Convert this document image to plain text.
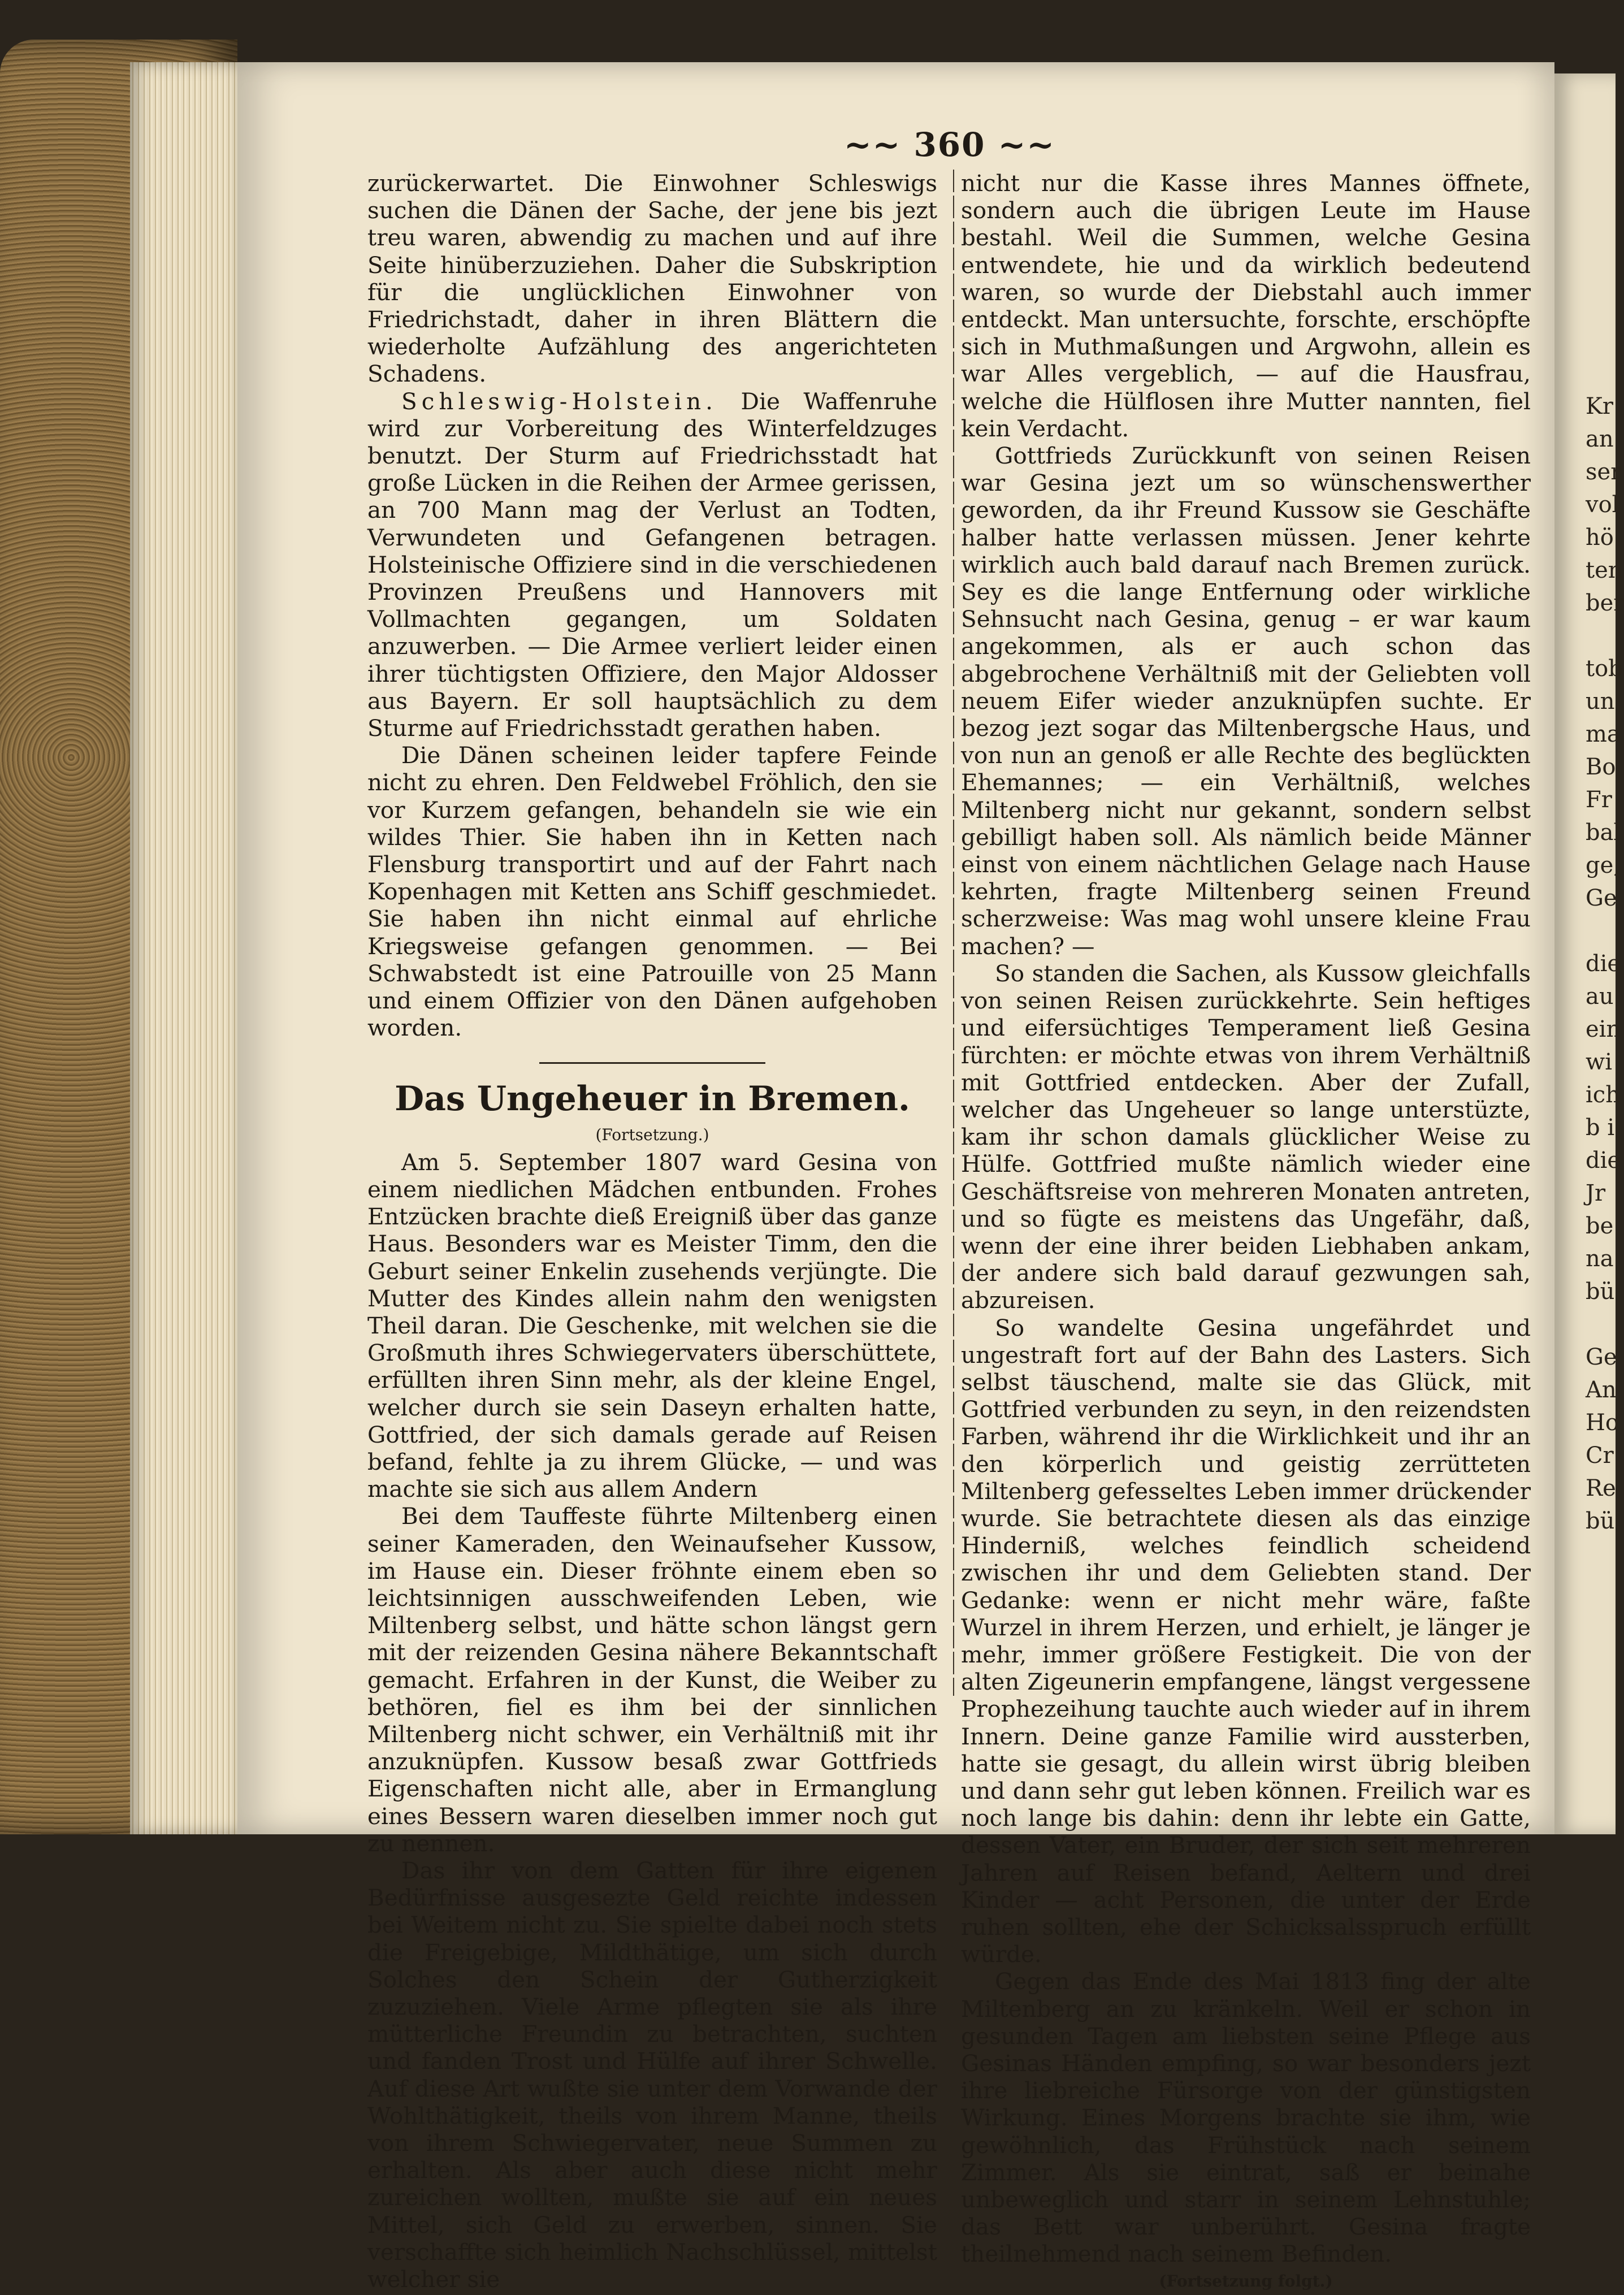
Kr

an

ser

vol

hö

ten

ber

tob

un

ma

Bo

Fr

bal

ge,

Ge

die

au

ein

wi

ich

b i

die

Jr

be

na

bü

Ge

An

Ho

Cr

Re

bü

~~ 360 ~~

zurückerwartet. Die Einwohner Schleswigs suchen die Dänen der Sache, der jene bis jezt treu waren, abwendig zu machen und auf ihre Seite hinüberzuziehen. Daher die Subskription für die unglücklichen Einwohner von Friedrichstadt, daher in ihren Blättern die wiederholte Aufzählung des angerichteten Schadens.

Schleswig-Holstein. Die Waffenruhe wird zur Vorbereitung des Winterfeldzuges benutzt. Der Sturm auf Friedrichsstadt hat große Lücken in die Reihen der Armee gerissen, an 700 Mann mag der Verlust an Todten, Verwundeten und Gefangenen betragen. Holsteinische Offiziere sind in die verschiedenen Provinzen Preußens und Hannovers mit Vollmachten gegangen, um Soldaten anzuwerben. — Die Armee verliert leider einen ihrer tüchtigsten Offiziere, den Major Aldosser aus Bayern. Er soll hauptsächlich zu dem Sturme auf Friedrichsstadt gerathen haben.

Die Dänen scheinen leider tapfere Feinde nicht zu ehren. Den Feldwebel Fröhlich, den sie vor Kurzem gefangen, behandeln sie wie ein wildes Thier. Sie haben ihn in Ketten nach Flensburg transportirt und auf der Fahrt nach Kopenhagen mit Ketten ans Schiff geschmiedet. Sie haben ihn nicht einmal auf ehrliche Kriegsweise gefangen genommen. — Bei Schwabstedt ist eine Patrouille von 25 Mann und einem Offizier von den Dänen aufgehoben worden.

Das Ungeheuer in Bremen.

(Fortsetzung.)

Am 5. September 1807 ward Gesina von einem niedlichen Mädchen entbunden. Frohes Entzücken brachte dieß Ereigniß über das ganze Haus. Besonders war es Meister Timm, den die Geburt seiner Enkelin zusehends verjüngte. Die Mutter des Kindes allein nahm den wenigsten Theil daran. Die Geschenke, mit welchen sie die Großmuth ihres Schwiegervaters überschüttete, erfüllten ihren Sinn mehr, als der kleine Engel, welcher durch sie sein Daseyn erhalten hatte, Gottfried, der sich damals gerade auf Reisen befand, fehlte ja zu ihrem Glücke, — und was machte sie sich aus allem Andern

Bei dem Tauffeste führte Miltenberg einen seiner Kameraden, den Weinaufseher Kussow, im Hause ein. Dieser fröhnte einem eben so leichtsinnigen ausschweifenden Leben, wie Miltenberg selbst, und hätte schon längst gern mit der reizenden Gesina nähere Bekanntschaft gemacht. Erfahren in der Kunst, die Weiber zu bethören, fiel es ihm bei der sinnlichen Miltenberg nicht schwer, ein Verhältniß mit ihr anzuknüpfen. Kussow besaß zwar Gottfrieds Eigenschaften nicht alle, aber in Ermanglung eines Bessern waren dieselben immer noch gut zu nennen.

Das ihr von dem Gatten für ihre eigenen Bedürfnisse ausgesezte Geld reichte indessen bei Weitem nicht zu. Sie spielte dabei noch stets die Freigebige, Mildthätige, um sich durch Solches den Schein der Gutherzigkeit zuzuziehen. Viele Arme pflegten sie als ihre mütterliche Freundin zu betrachten, suchten und fanden Trost und Hülfe auf ihrer Schwelle. Auf diese Art wußte sie unter dem Vorwande der Wohlthätigkeit, theils von ihrem Manne, theils von ihrem Schwiegervater, neue Summen zu erhalten. Als aber auch diese nicht mehr zureichen wollten, mußte sie auf ein neues Mittel, sich Geld zu erwerben, sinnen. Sie verschaffte sich heimlich Nachschlüssel, mittelst welcher sie

nicht nur die Kasse ihres Mannes öffnete, sondern auch die übrigen Leute im Hause bestahl. Weil die Summen, welche Gesina entwendete, hie und da wirklich bedeutend waren, so wurde der Diebstahl auch immer entdeckt. Man untersuchte, forschte, erschöpfte sich in Muthmaßungen und Argwohn, allein es war Alles vergeblich, — auf die Hausfrau, welche die Hülflosen ihre Mutter nannten, fiel kein Verdacht.

Gottfrieds Zurückkunft von seinen Reisen war Gesina jezt um so wünschenswerther geworden, da ihr Freund Kussow sie Geschäfte halber hatte verlassen müssen. Jener kehrte wirklich auch bald darauf nach Bremen zurück. Sey es die lange Entfernung oder wirkliche Sehnsucht nach Gesina, genug – er war kaum angekommen, als er auch schon das abgebrochene Verhältniß mit der Geliebten voll neuem Eifer wieder anzuknüpfen suchte. Er bezog jezt sogar das Miltenbergsche Haus, und von nun an genoß er alle Rechte des beglückten Ehemannes; — ein Verhältniß, welches Miltenberg nicht nur gekannt, sondern selbst gebilligt haben soll. Als nämlich beide Männer einst von einem nächtlichen Gelage nach Hause kehrten, fragte Miltenberg seinen Freund scherzweise: Was mag wohl unsere kleine Frau machen? —

So standen die Sachen, als Kussow gleichfalls von seinen Reisen zurückkehrte. Sein heftiges und eifersüchtiges Temperament ließ Gesina fürchten: er möchte etwas von ihrem Verhältniß mit Gottfried entdecken. Aber der Zufall, welcher das Ungeheuer so lange unterstüzte, kam ihr schon damals glücklicher Weise zu Hülfe. Gottfried mußte nämlich wieder eine Geschäftsreise von mehreren Monaten antreten, und so fügte es meistens das Ungefähr, daß, wenn der eine ihrer beiden Liebhaben ankam, der andere sich bald darauf gezwungen sah, abzureisen.

So wandelte Gesina ungefährdet und ungestraft fort auf der Bahn des Lasters. Sich selbst täuschend, malte sie das Glück, mit Gottfried verbunden zu seyn, in den reizendsten Farben, während ihr die Wirklichkeit und ihr an den körperlich und geistig zerrütteten Miltenberg gefesseltes Leben immer drückender wurde. Sie betrachtete diesen als das einzige Hinderniß, welches feindlich scheidend zwischen ihr und dem Geliebten stand. Der Gedanke: wenn er nicht mehr wäre, faßte Wurzel in ihrem Herzen, und erhielt, je länger je mehr, immer größere Festigkeit. Die von der alten Zigeunerin empfangene, längst vergessene Prophezeihung tauchte auch wieder auf in ihrem Innern. Deine ganze Familie wird aussterben, hatte sie gesagt, du allein wirst übrig bleiben und dann sehr gut leben können. Freilich war es noch lange bis dahin: denn ihr lebte ein Gatte, dessen Vater, ein Bruder, der sich seit mehreren Jahren auf Reisen befand, Aeltern und drei Kinder — acht Personen, die unter der Erde ruhen sollten, ehe der Schicksalsspruch erfüllt würde.

Gegen das Ende des Mai 1813 fing der alte Miltenberg an zu kränkeln. Weil er schon in gesunden Tagen am liebsten seine Pflege aus Gesinas Händen empfing, so war besonders jezt ihre liebreiche Fürsorge von der günstigsten Wirkung. Eines Morgens brachte sie ihm, wie gewöhnlich, das Frühstück nach seinem Zimmer. Als sie eintrat, saß er beinahe unbeweglich und starr in seinem Lehnstuhle; das Bett war unberührt. Gesina fragte theilnehmend nach seinem Befinden.

(Fortsetzung folgt.)
